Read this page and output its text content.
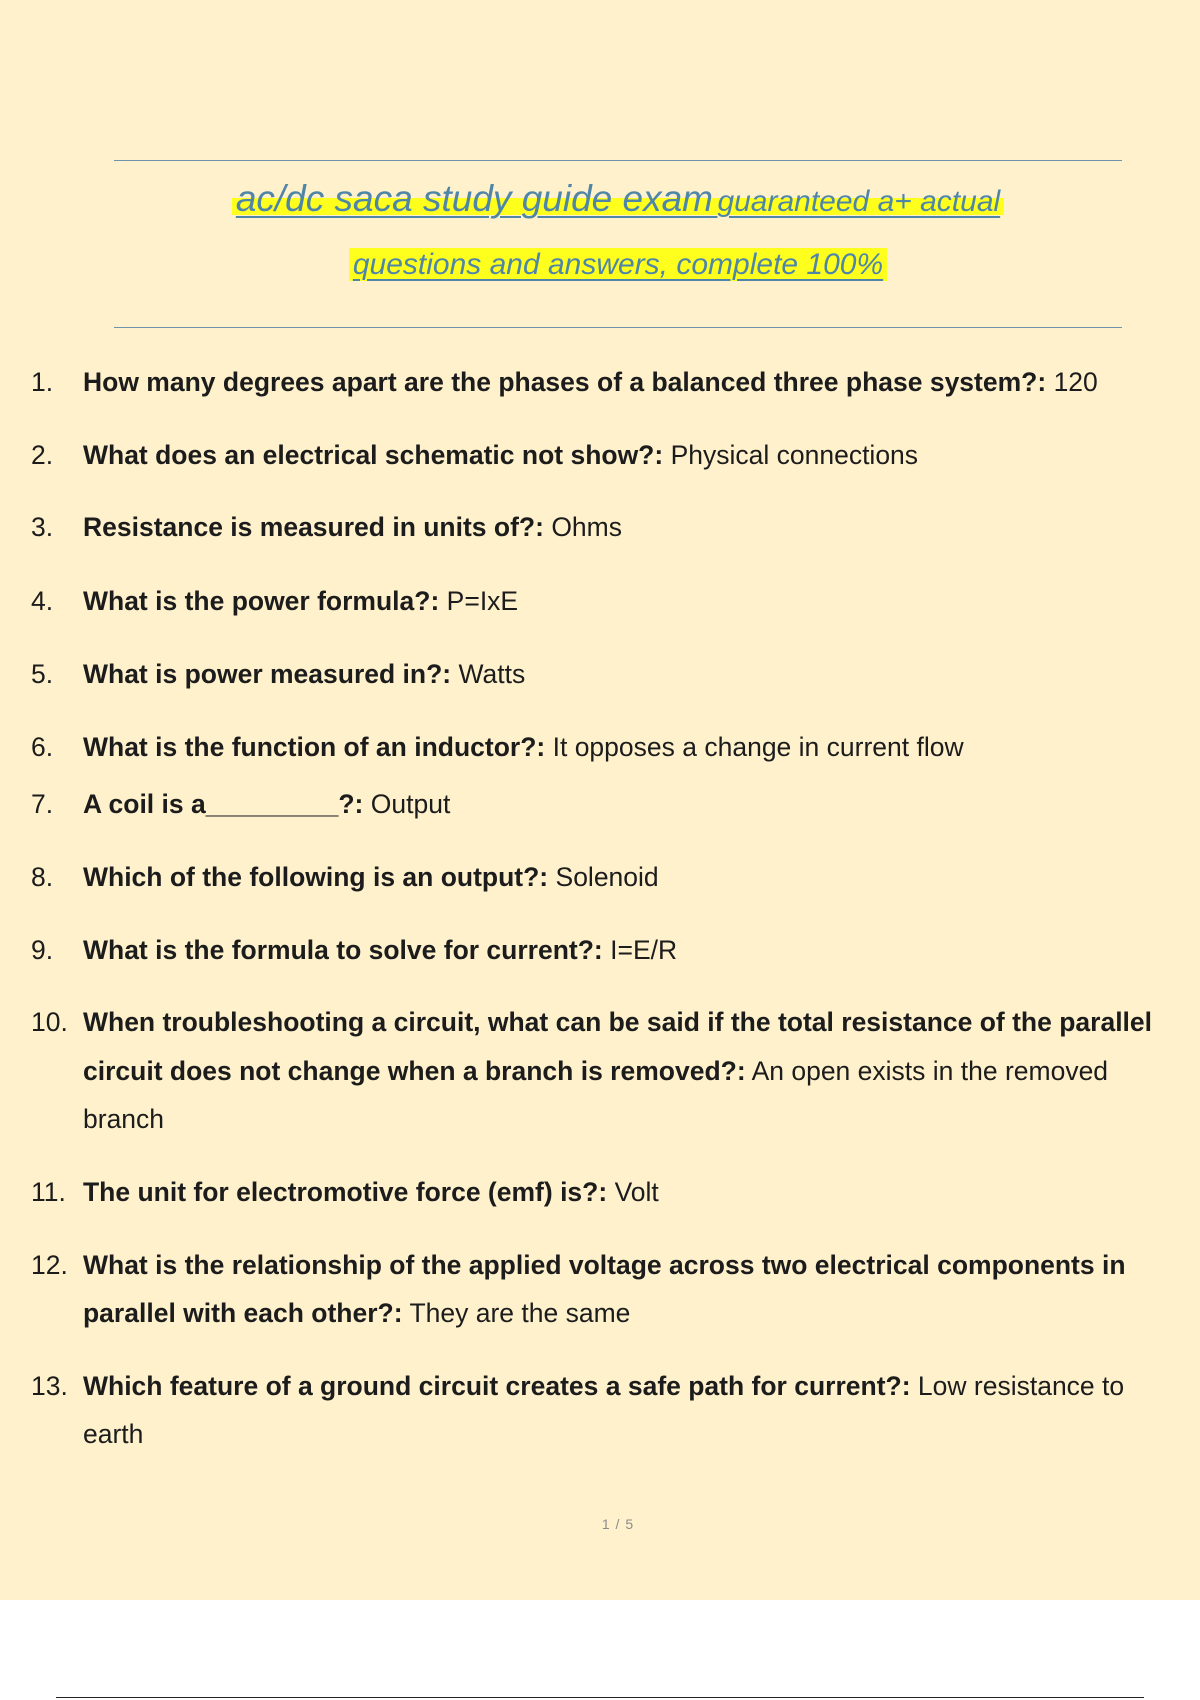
ac/dc saca study guide exam guaranteed a+ actual
questions and answers, complete 100%
1.	How many degrees apart are the phases of a balanced three phase system?: 120
2.	What does an electrical schematic not show?: Physical connections
3.	Resistance is measured in units of?: Ohms
4.	What is the power formula?: P=IxE
5.	What is power measured in?: Watts
6.	What is the function of an inductor?: It opposes a change in current flow
7.	A coil is a_________?: Output
8.	Which of the following is an output?: Solenoid
9.	What is the formula to solve for current?: I=E/R
10. When troubleshooting a circuit, what can be said if the total resistance of the parallel
circuit does not change when a branch is removed?: An open exists in the removed
branch
11. The unit for electromotive force (emf) is?: Volt
12. What is the relationship of the applied voltage across two electrical components in
parallel with each other?: They are the same
13. Which feature of a ground circuit creates a safe path for current?: Low resistance to
earth
1 / 5
